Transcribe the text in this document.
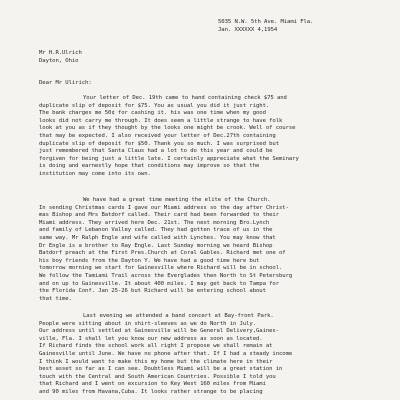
5035 N.W. 5th Ave. Miami Fla.
Jan. XXXXXX 4,1954
Mr H.R.Ulrich
Dayton, Ohio
Dear Mr Ulirich:
Your letter of Dec. 19th came to hand containing check $75 and
duplicate slip of deposit for $75. You as usual you did it just right.
The bank charges me 50¢ for cashing it. his was one time when my good
looks did not carry me through. It does seem a little strange to have folk
look at you as if they thought by the looks one might be crook. Well of course
that may be expected. I also received your letter of Dec.27th containing
duplicate slip of deposit for $50. Thank you so much. I was surprised but
just remembered that Santa Claus had a lot to do this year and could be
forgiven for being just a little late. I certainly appreciate what the Seminary
is doing and earnestly hope that conditions may improve so that the
institution may come into its own.
We have had a great time meeting the elite of the Church.
In sending Christmas cards I gave our Miami address so the day after Christ-
mas Bishop and Mrs Batdorf called. Their card had been forwarded to their
Miami address. They arrived here Dec. 21st. The next morning Bro.Lynch
and family of Lebanon Valley called. They had gotten trace of us in the
same way. Mr Ralph Engle and wife called with Lynches. You may know that
Dr Engle is a brother to Ray Engle. Last Sunday morning we heard Bishop
Batdorf preach at the First Pres.Church at Coral Gables. Richard met one of
his boy friends from the Dayton Y. We have had a good time here but
tomorrow morning we start for Gainesville where Richard will be in school.
We follow the Tamiami Trail across the Everglades then North to St Petersburg
and on up to Gainesville. It about 400 miles. I may get back to Tampa for
the Florida Conf. Jan 25-26 but Richard will be entering school about
that time.
Last evening we attended a band concert at Bay-front Park.
People were sitting about in shirt-sleeves as we do North in July.
Our address until settled at Gainesville will be General Delivery,Gaines-
ville, Fla. I shall let you know our new address as soon as located.
If Richard finds the school work all right I propose we shall remain at
Gainesville until June. We have no phone after that. If I had a steady income
I think I would want to make this my home but the climate here in their
best asset so far as I can see. Doubtless Miami will be a great station in
touch with the Central and South American Countries. Possible I told you
that Richard and I went on excursion to Key West 160 miles from Miami
and 90 miles from Havana,Cuba. It looks rather strange to be placing
